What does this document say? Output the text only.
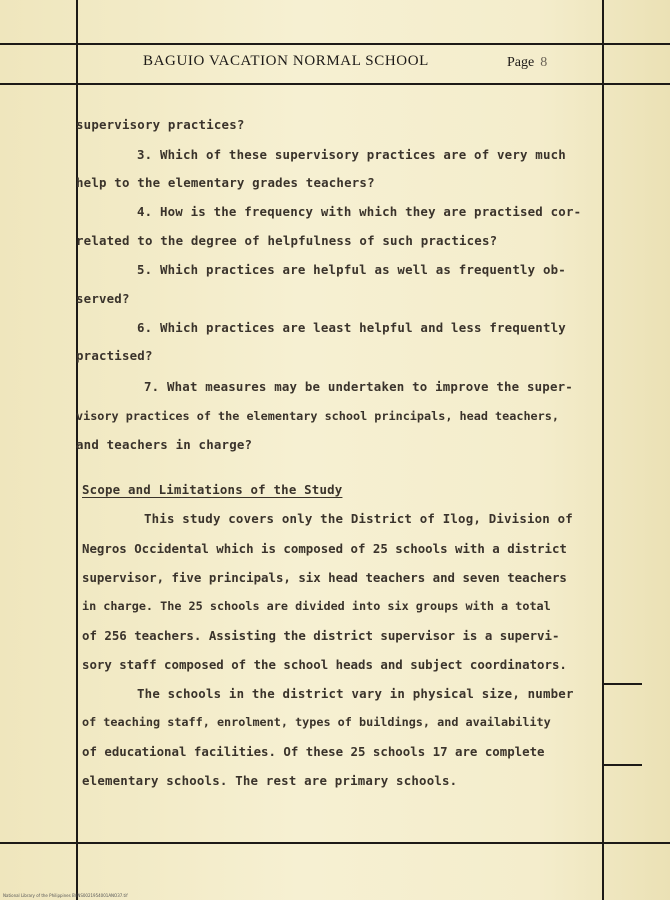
BAGUIO VACATION NORMAL SCHOOL	Page 8
supervisory practices?
3. Which of these supervisory practices are of very much
help to the elementary grades teachers?
4. How is the frequency with which they are practised cor-
related to the degree of helpfulness of such practices?
5. Which practices are helpful as well as frequently ob-
served?
6. Which practices are least helpful and less frequently
practised?
7. What measures may be undertaken to improve the super-
visory practices of the elementary school principals, head teachers,
and teachers in charge?
Scope and Limitations of the Study
This study covers only the District of Ilog, Division of
Negros Occidental which is composed of 25 schools with a district
supervisor, five principals, six head teachers and seven teachers
in charge. The 25 schools are divided into six groups with a total
of 256 teachers. Assisting the district supervisor is a supervi-
sory staff composed of the school heads and subject coordinators.
The schools in the district vary in physical size, number
of teaching staff, enrolment, types of buildings, and availability
of educational facilities. Of these 25 schools 17 are complete
elementary schools. The rest are primary schools.
National Library of the Philippines BVNS0021954001ANO37.tif
